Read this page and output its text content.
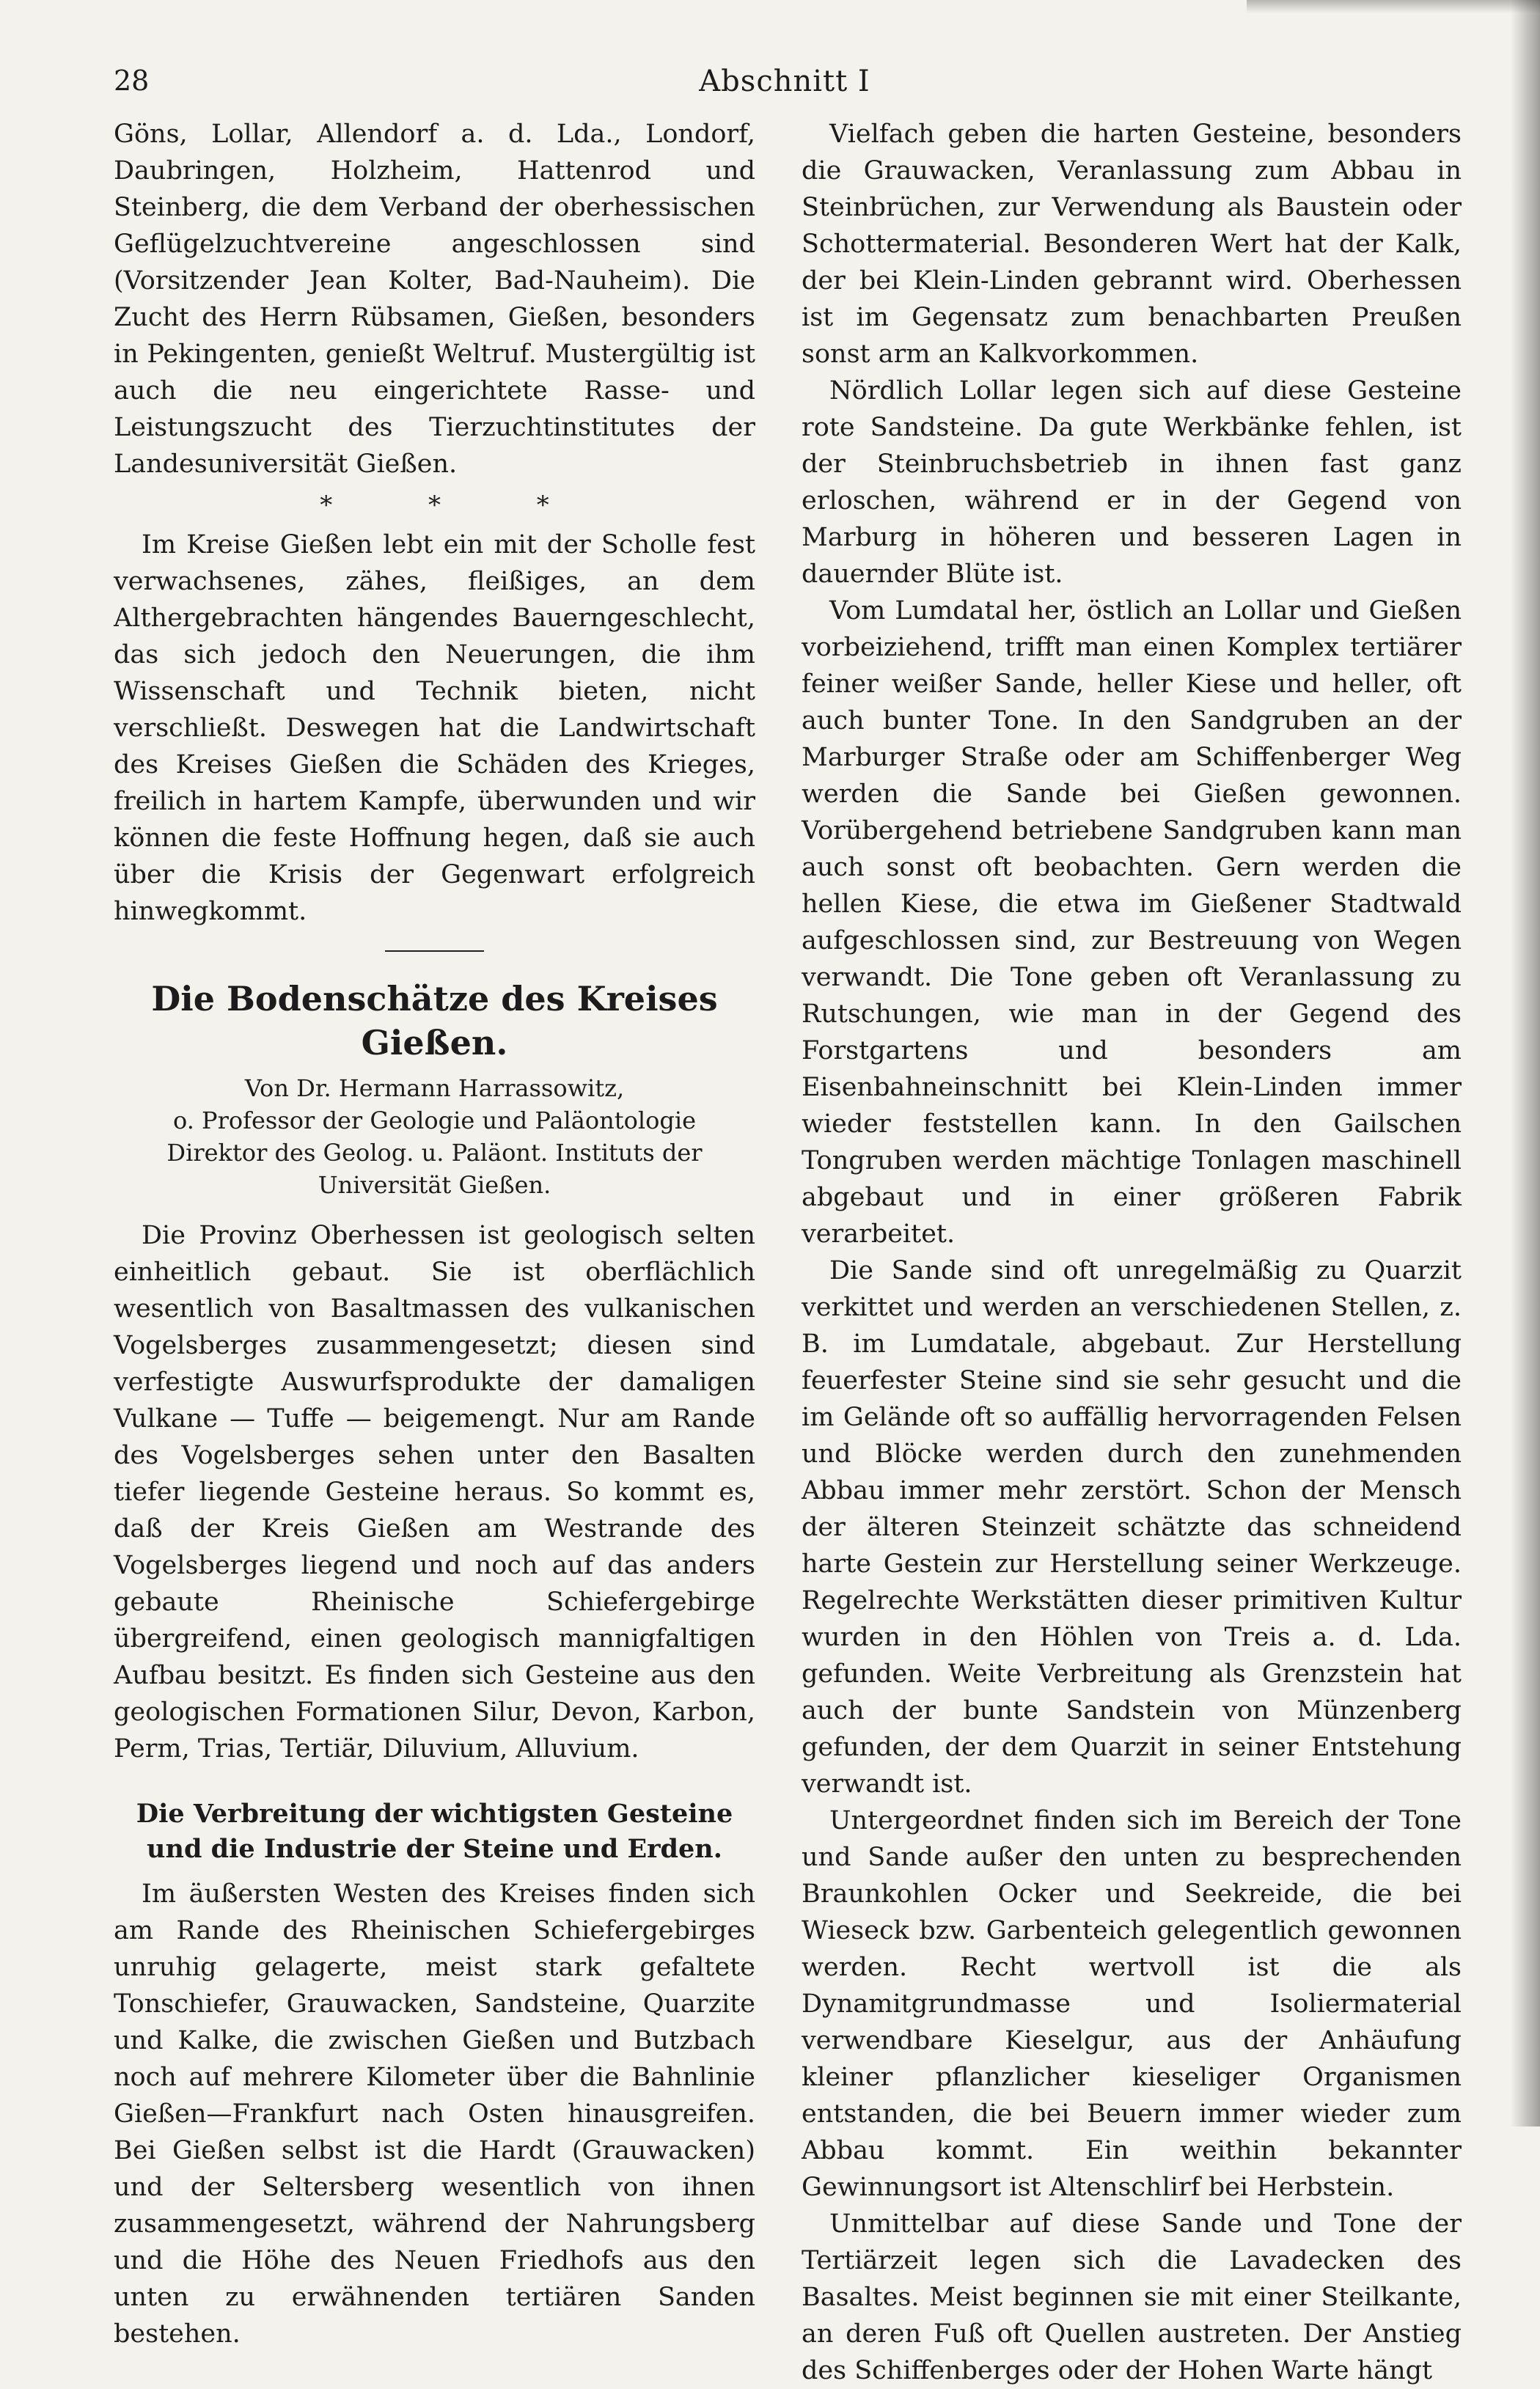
28	Abschnitt I

Göns, Lollar, Allendorf a. d. Lda., Londorf, Daubringen, Holzheim, Hattenrod und Steinberg, die dem Verband der oberhessischen Geflügelzuchtvereine angeschlossen sind (Vorsitzender Jean Kolter, Bad-Nauheim). Die Zucht des Herrn Rübsamen, Gießen, besonders in Pekingenten, genießt Weltruf. Mustergültig ist auch die neu eingerichtete Rasse- und Leistungszucht des Tierzuchtinstitutes der Landesuniversität Gießen.

* * *

Im Kreise Gießen lebt ein mit der Scholle fest verwachsenes, zähes, fleißiges, an dem Althergebrachten hängendes Bauerngeschlecht, das sich jedoch den Neuerungen, die ihm Wissenschaft und Technik bieten, nicht verschließt. Deswegen hat die Landwirtschaft des Kreises Gießen die Schäden des Krieges, freilich in hartem Kampfe, überwunden und wir können die feste Hoffnung hegen, daß sie auch über die Krisis der Gegenwart erfolgreich hinwegkommt.

Die Bodenschätze des Kreises Gießen.

Von Dr. Hermann Harrassowitz,

o. Professor der Geologie und Paläontologie

Direktor des Geolog. u. Paläont. Instituts der Universität Gießen.

Die Provinz Oberhessen ist geologisch selten einheitlich gebaut. Sie ist oberflächlich wesentlich von Basaltmassen des vulkanischen Vogelsberges zusammengesetzt; diesen sind verfestigte Auswurfsprodukte der damaligen Vulkane — Tuffe — beigemengt. Nur am Rande des Vogelsberges sehen unter den Basalten tiefer liegende Gesteine heraus. So kommt es, daß der Kreis Gießen am Westrande des Vogelsberges liegend und noch auf das anders gebaute Rheinische Schiefergebirge übergreifend, einen geologisch mannigfaltigen Aufbau besitzt. Es finden sich Gesteine aus den geologischen Formationen Silur, Devon, Karbon, Perm, Trias, Tertiär, Diluvium, Alluvium.

Die Verbreitung der wichtigsten Gesteine und die Industrie der Steine und Erden.

Im äußersten Westen des Kreises finden sich am Rande des Rheinischen Schiefergebirges unruhig gelagerte, meist stark gefaltete Tonschiefer, Grauwacken, Sandsteine, Quarzite und Kalke, die zwischen Gießen und Butzbach noch auf mehrere Kilometer über die Bahnlinie Gießen—Frankfurt nach Osten hinausgreifen. Bei Gießen selbst ist die Hardt (Grauwacken) und der Seltersberg wesentlich von ihnen zusammengesetzt, während der Nahrungsberg und die Höhe des Neuen Friedhofs aus den unten zu erwähnenden tertiären Sanden bestehen.

Vielfach geben die harten Gesteine, besonders die Grauwacken, Veranlassung zum Abbau in Steinbrüchen, zur Verwendung als Baustein oder Schottermaterial. Besonderen Wert hat der Kalk, der bei Klein-Linden gebrannt wird. Oberhessen ist im Gegensatz zum benachbarten Preußen sonst arm an Kalkvorkommen.

Nördlich Lollar legen sich auf diese Gesteine rote Sandsteine. Da gute Werkbänke fehlen, ist der Steinbruchsbetrieb in ihnen fast ganz erloschen, während er in der Gegend von Marburg in höheren und besseren Lagen in dauernder Blüte ist.

Vom Lumdatal her, östlich an Lollar und Gießen vorbeiziehend, trifft man einen Komplex tertiärer feiner weißer Sande, heller Kiese und heller, oft auch bunter Tone. In den Sandgruben an der Marburger Straße oder am Schiffenberger Weg werden die Sande bei Gießen gewonnen. Vorübergehend betriebene Sandgruben kann man auch sonst oft beobachten. Gern werden die hellen Kiese, die etwa im Gießener Stadtwald aufgeschlossen sind, zur Bestreuung von Wegen verwandt. Die Tone geben oft Veranlassung zu Rutschungen, wie man in der Gegend des Forstgartens und besonders am Eisenbahneinschnitt bei Klein-Linden immer wieder feststellen kann. In den Gailschen Tongruben werden mächtige Tonlagen maschinell abgebaut und in einer größeren Fabrik verarbeitet.

Die Sande sind oft unregelmäßig zu Quarzit verkittet und werden an verschiedenen Stellen, z. B. im Lumdatale, abgebaut. Zur Herstellung feuerfester Steine sind sie sehr gesucht und die im Gelände oft so auffällig hervorragenden Felsen und Blöcke werden durch den zunehmenden Abbau immer mehr zerstört. Schon der Mensch der älteren Steinzeit schätzte das schneidend harte Gestein zur Herstellung seiner Werkzeuge. Regelrechte Werkstätten dieser primitiven Kultur wurden in den Höhlen von Treis a. d. Lda. gefunden. Weite Verbreitung als Grenzstein hat auch der bunte Sandstein von Münzenberg gefunden, der dem Quarzit in seiner Entstehung verwandt ist.

Untergeordnet finden sich im Bereich der Tone und Sande außer den unten zu besprechenden Braunkohlen Ocker und Seekreide, die bei Wieseck bzw. Garbenteich gelegentlich gewonnen werden. Recht wertvoll ist die als Dynamitgrundmasse und Isoliermaterial verwendbare Kieselgur, aus der Anhäufung kleiner pflanzlicher kieseliger Organismen entstanden, die bei Beuern immer wieder zum Abbau kommt. Ein weithin bekannter Gewinnungsort ist Altenschlirf bei Herbstein.

Unmittelbar auf diese Sande und Tone der Tertiärzeit legen sich die Lavadecken des Basaltes. Meist beginnen sie mit einer Steilkante, an deren Fuß oft Quellen austreten. Der Anstieg des Schiffenberges oder der Hohen Warte hängt
